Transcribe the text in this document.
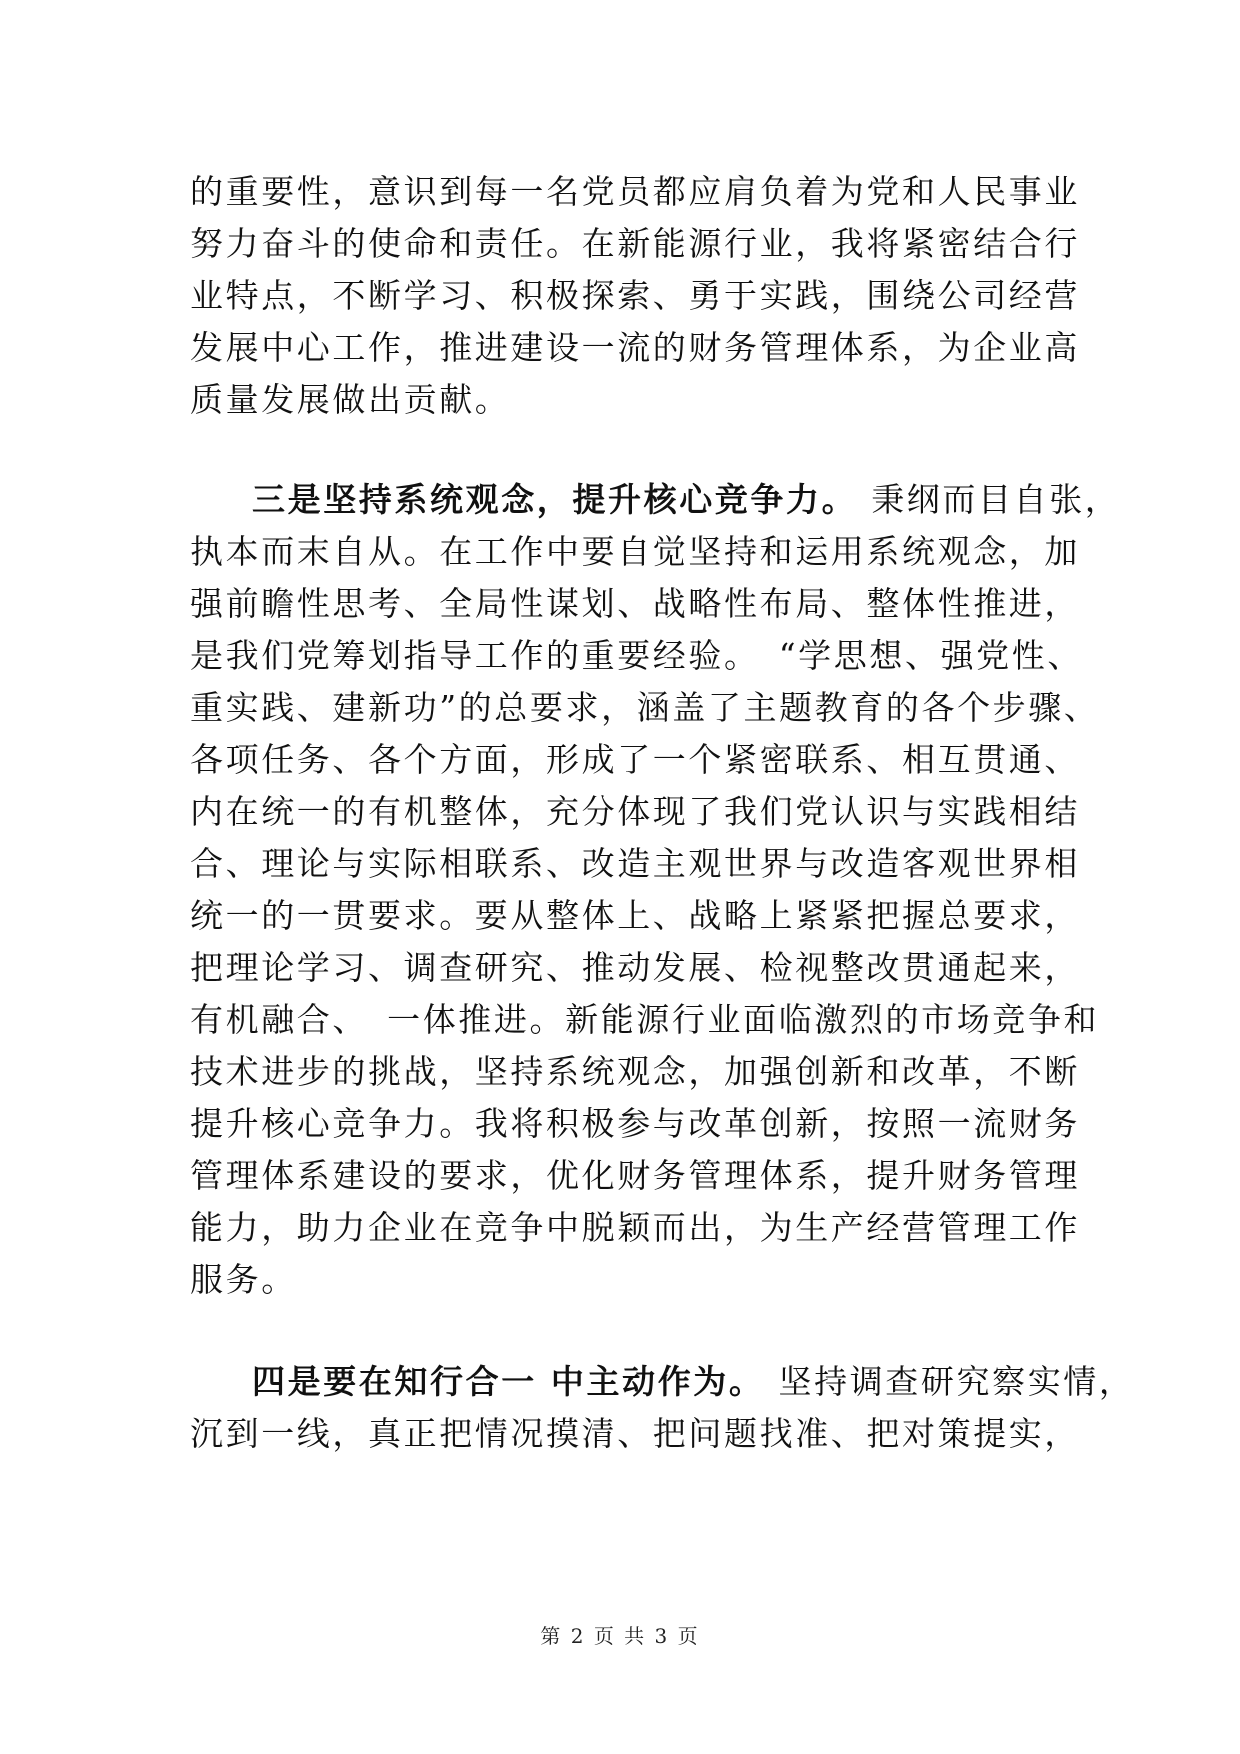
的重要性，意识到每一名党员都应肩负着为党和人民事业
努力奋斗的使命和责任。在新能源行业，我将紧密结合行
业特点，不断学习、积极探索、勇于实践，围绕公司经营
发展中心工作，推进建设一流的财务管理体系，为企业高
质量发展做出贡献。
三是坚持系统观念，提升核心竞争力。 秉纲而目自张，
执本而末自从。在工作中要自觉坚持和运用系统观念，加
强前瞻性思考、全局性谋划、战略性布局、整体性推进，
是我们党筹划指导工作的重要经验。　“学思想、强党性、
重实践、建新功”的总要求，涵盖了主题教育的各个步骤、
各项任务、各个方面，形成了一个紧密联系、相互贯通、
内在统一的有机整体，充分体现了我们党认识与实践相结
合、理论与实际相联系、改造主观世界与改造客观世界相
统一的一贯要求。要从整体上、战略上紧紧把握总要求，
把理论学习、调查研究、推动发展、检视整改贯通起来，
有机融合、　一体推进。新能源行业面临激烈的市场竞争和
技术进步的挑战，坚持系统观念，加强创新和改革，不断
提升核心竞争力。我将积极参与改革创新，按照一流财务
管理体系建设的要求，优化财务管理体系，提升财务管理
能力，助力企业在竞争中脱颖而出，为生产经营管理工作
服务。
四是要在知行合一 中主动作为。 坚持调查研究察实情，
沉到一线，真正把情况摸清、把问题找准、把对策提实，
第 2 页 共 3 页
